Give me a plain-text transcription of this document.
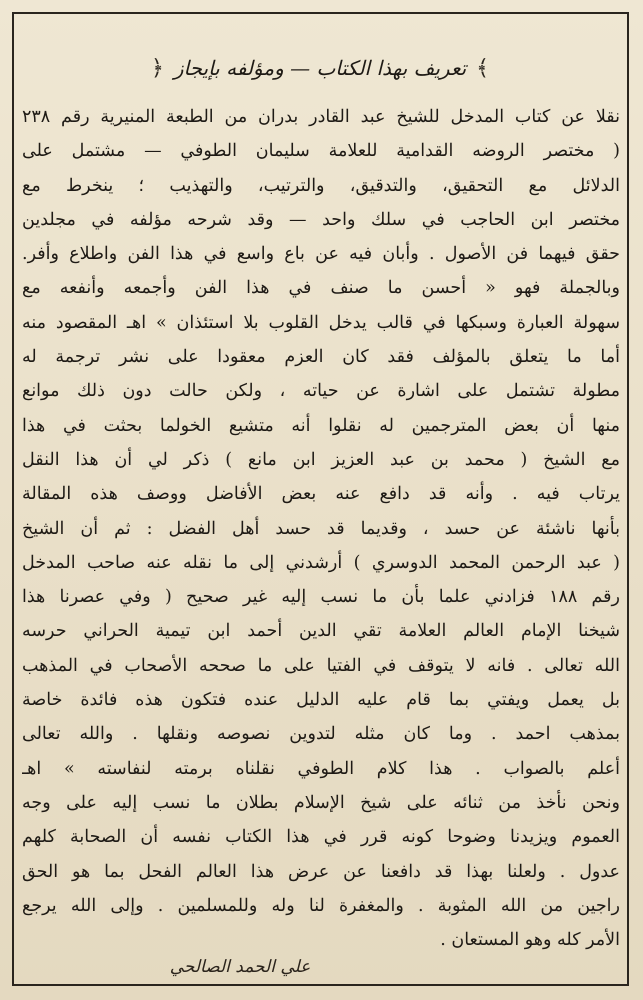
﴾
تعريف بهذا الكتاب — ومؤلفه بإيجاز
﴿
نقلا عن كتاب المدخل للشيخ عبد القادر بدران من الطبعة المنيرية رقم ٢٣٨
( مختصر الروضه القدامية للعلامة سليمان الطوفي — مشتمل على
الدلائل مع التحقيق، والتدقيق، والترتيب، والتهذيب ؛ ينخرط مع
مختصر ابن الحاجب في سلك واحد — وقد شرحه مؤلفه في مجلدين
حقق فيهما فن الأصول . وأبان فيه عن باع واسع في هذا الفن واطلاع وأفر.
وبالجملة فهو « أحسن ما صنف في هذا الفن وأجمعه وأنفعه مع
سهولة العبارة وسبكها في قالب يدخل القلوب بلا استئذان » اهـ المقصود منه
أما ما يتعلق بالمؤلف فقد كان العزم معقودا على نشر ترجمة له
مطولة تشتمل على اشارة عن حياته ، ولكن حالت دون ذلك موانع
منها أن بعض المترجمين له نقلوا أنه متشيع الخولما بحثت في هذا
مع الشيخ ( محمد بن عبد العزيز ابن مانع ) ذكر لي أن هذا النقل
يرتاب فيه . وأنه قد دافع عنه بعض الأفاضل ووصف هذه المقالة
بأنها ناشئة عن حسد ، وقديما قد حسد أهل الفضل : ثم أن الشيخ
( عبد الرحمن المحمد الدوسري ) أرشدني إلى ما نقله عنه صاحب المدخل
رقم ١٨٨ فزادني علما بأن ما نسب إليه غير صحيح ( وفي عصرنا هذا
شيخنا الإمام العالم العلامة تقي الدين أحمد ابن تيمية الحراني حرسه
الله تعالى . فانه لا يتوقف في الفتيا على ما صححه الأصحاب في المذهب
بل يعمل ويفتي بما قام عليه الدليل عنده فتكون هذه فائدة خاصة
بمذهب احمد . وما كان مثله لتدوين نصوصه ونقلها . والله تعالى
أعلم بالصواب . هذا كلام الطوفي نقلناه برمته لنفاسته » اهـ
ونحن نأخذ من ثنائه على شيخ الإسلام بطلان ما نسب إليه على وجه
العموم ويزيدنا وضوحا كونه قرر في هذا الكتاب نفسه أن الصحابة كلهم
عدول . ولعلنا بهذا قد دافعنا عن عرض هذا العالم الفحل بما هو الحق
راجين من الله المثوبة . والمغفرة لنا وله وللمسلمين . وإلى الله يرجع
الأمر كله وهو المستعان .
علي الحمد الصالحي
